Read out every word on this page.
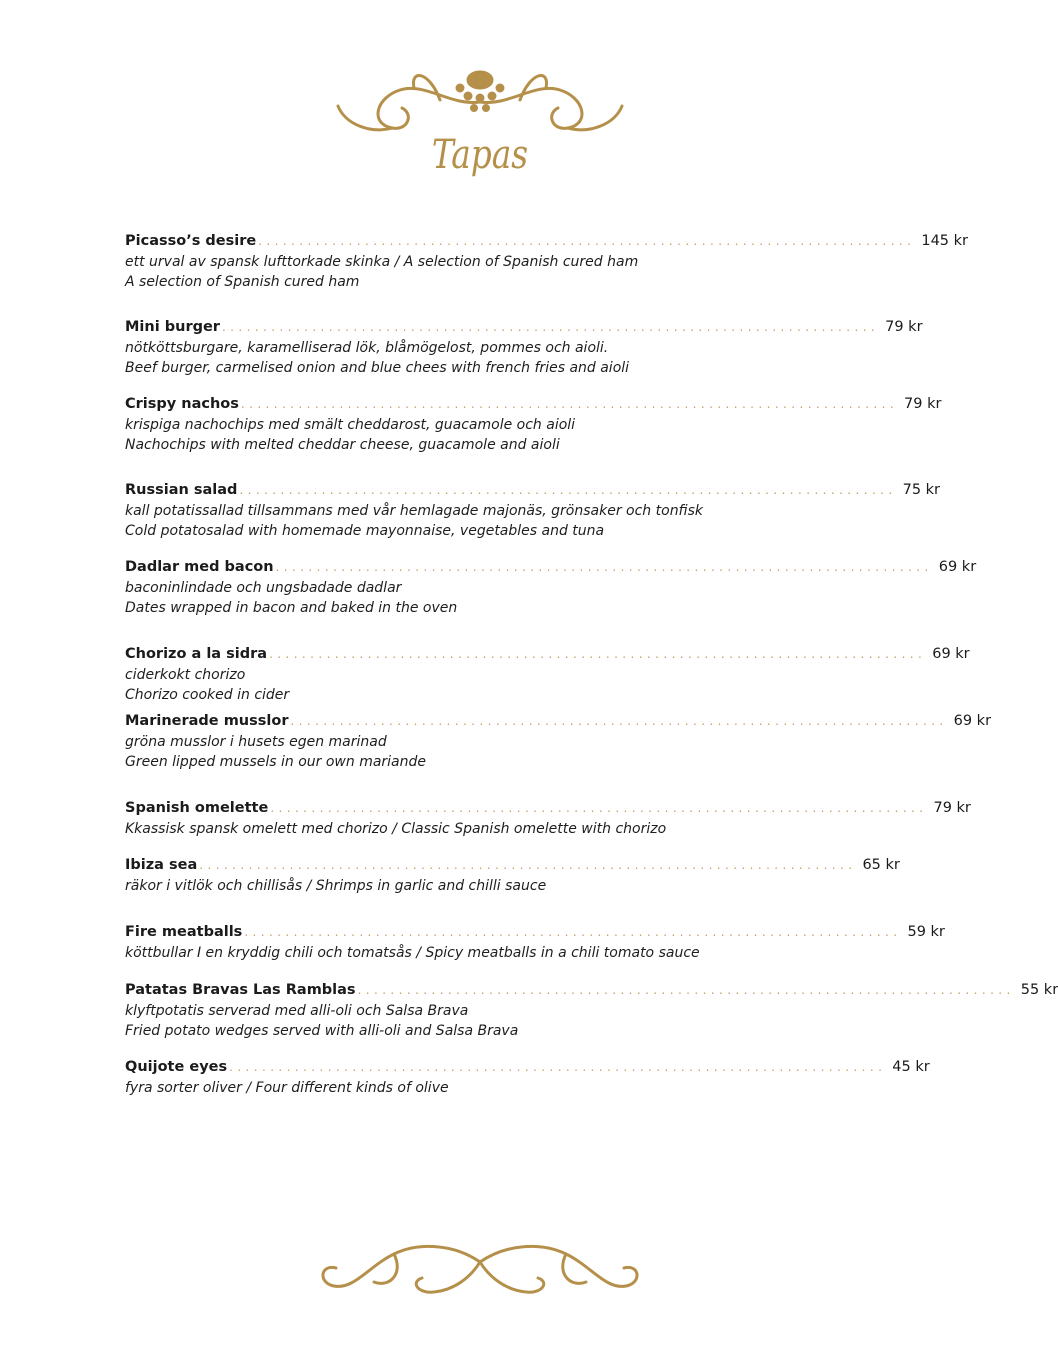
Tapas
Picasso’s desire ................................................................................ 145 kr
ett urval av spansk lufttorkade skinka / A selection of Spanish cured ham
A selection of Spanish cured ham
Mini burger ................................................................................ 79 kr
nötköttsburgare, karamelliserad lök, blåmögelost, pommes och aioli.
Beef burger, carmelised onion and blue chees with french fries and aioli
Crispy nachos ................................................................................ 79 kr
krispiga nachochips med smält cheddarost, guacamole och aioli
Nachochips with melted cheddar cheese, guacamole and aioli
Russian salad ................................................................................ 75 kr
kall potatissallad tillsammans med vår hemlagade majonäs, grönsaker och tonfisk
Cold potatosalad with homemade mayonnaise, vegetables and tuna
Dadlar med bacon ................................................................................ 69 kr
baconinlindade och ungsbadade dadlar
Dates wrapped in bacon and baked in the oven
Chorizo a la sidra ................................................................................ 69 kr
ciderkokt chorizo
Chorizo cooked in cider
Marinerade musslor ................................................................................ 69 kr
gröna musslor i husets egen marinad
Green lipped mussels in our own mariande
Spanish omelette ................................................................................ 79 kr
Kkassisk spansk omelett med chorizo / Classic Spanish omelette with chorizo
Ibiza sea ................................................................................ 65 kr
räkor i vitlök och chillisås / Shrimps in garlic and chilli sauce
Fire meatballs ................................................................................ 59 kr
köttbullar I en kryddig chili och tomatsås / Spicy meatballs in a chili tomato sauce
Patatas Bravas Las Ramblas ................................................................................ 55 kr
klyftpotatis serverad med alli-oli och Salsa Brava
Fried potato wedges served with alli-oli and Salsa Brava
Quijote eyes ................................................................................ 45 kr
fyra sorter oliver / Four different kinds of olive
